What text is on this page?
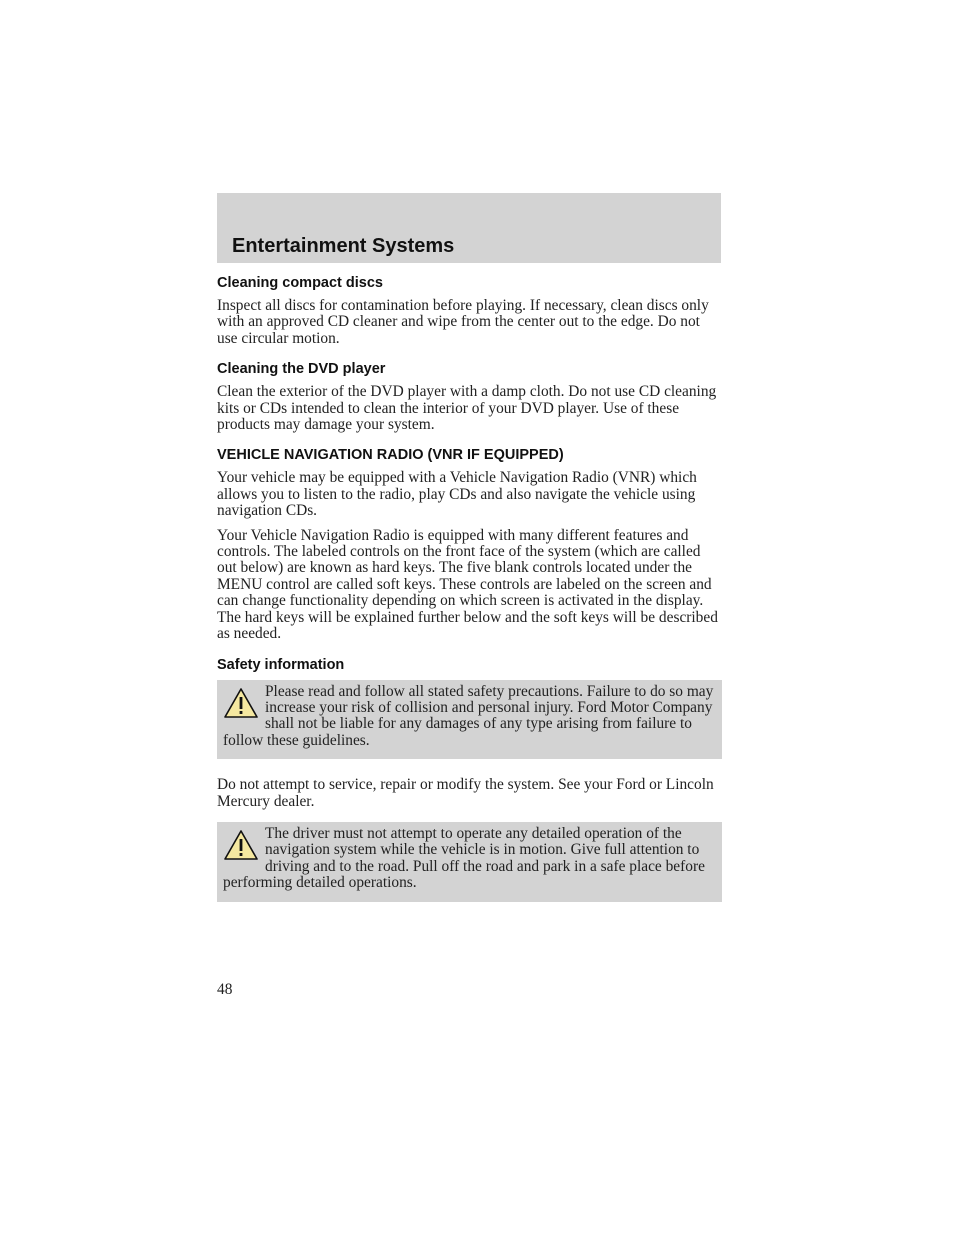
Entertainment Systems
Cleaning compact discs

Inspect all discs for contamination before playing. If necessary, clean discs only with an approved CD cleaner and wipe from the center out to the edge. Do not use circular motion.

Cleaning the DVD player

Clean the exterior of the DVD player with a damp cloth. Do not use CD cleaning kits or CDs intended to clean the interior of your DVD player. Use of these products may damage your system.

VEHICLE NAVIGATION RADIO (VNR IF EQUIPPED)

Your vehicle may be equipped with a Vehicle Navigation Radio (VNR) which allows you to listen to the radio, play CDs and also navigate the vehicle using navigation CDs.

Your Vehicle Navigation Radio is equipped with many different features and controls. The labeled controls on the front face of the system (which are called out below) are known as hard keys. The five blank controls located under the MENU control are called soft keys. These controls are labeled on the screen and can change functionality depending on which screen is activated in the display. The hard keys will be explained further below and the soft keys will be described as needed.

Safety information

Please read and follow all stated safety precautions. Failure to do so may increase your risk of collision and personal injury. Ford Motor Company shall not be liable for any damages of any type arising from failure to follow these guidelines.

Do not attempt to service, repair or modify the system. See your Ford or Lincoln Mercury dealer.

The driver must not attempt to operate any detailed operation of the navigation system while the vehicle is in motion. Give full attention to driving and to the road. Pull off the road and park in a safe place before performing detailed operations.

48
